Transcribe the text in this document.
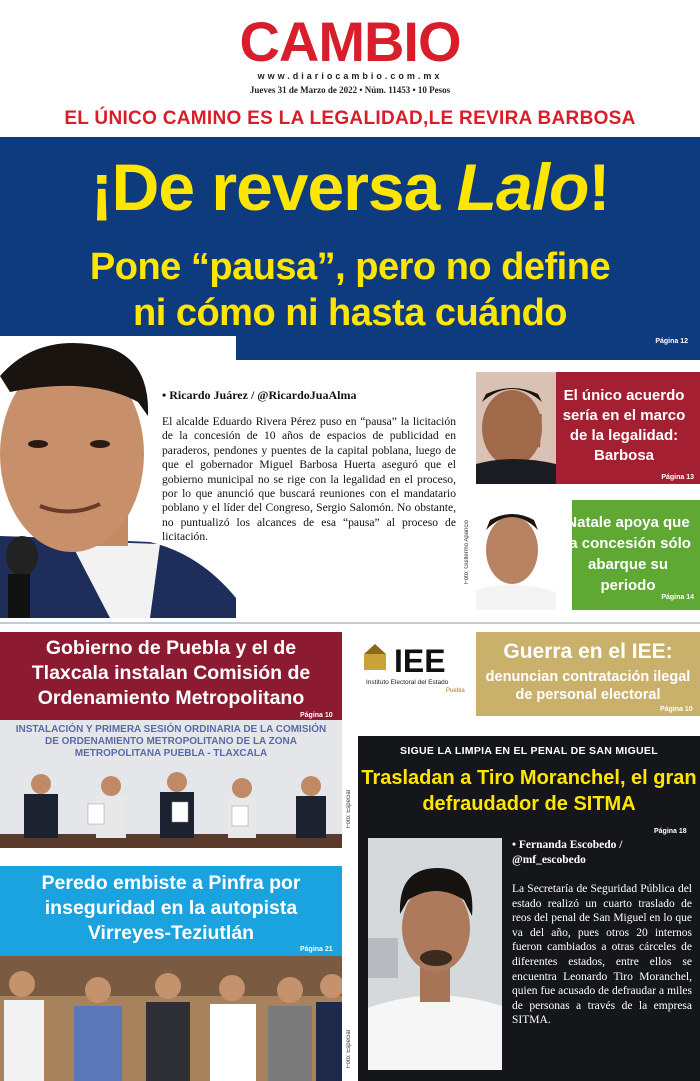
CAMBIO
www.diariocambio.com.mx
Jueves 31 de Marzo de 2022 • Núm. 11453 • 10 Pesos
EL ÚNICO CAMINO ES LA LEGALIDAD,LE REVIRA BARBOSA
¡De reversa Lalo!
Pone “pausa”, pero no define
ni cómo ni hasta cuándo
Página 12
• Ricardo Juárez / @RicardoJuaAlma
El alcalde Eduardo Rivera Pérez puso en “pausa” la licitación de la concesión de 10 años de espacios de publicidad en paraderos, pendones y puentes de la capital poblana, luego de que el gobernador Miguel Barbosa Huerta aseguró que el gobierno municipal no se rige con la legalidad en el proceso, por lo que anunció que buscará reuniones con el mandatario poblano y el líder del Congreso, Sergio Salomón. No obstante, no puntualizó los alcances de esa “pausa” al proceso de licitación.
El único acuerdo sería en el marco de la legalidad: Barbosa
Página 13
Natale apoya que la concesión sólo abarque su periodo
Página 14
Foto: Guillermo Aparicio
Gobierno de Puebla y el de Tlaxcala instalan Comisión de Ordenamiento Metropolitano
Página 10
INSTALACIÓN Y PRIMERA SESIÓN ORDINARIA DE LA COMISIÓN DE ORDENAMIENTO METROPOLITANO DE LA ZONA METROPOLITANA PUEBLA - TLAXCALA
Foto: Especial
IEE
Instituto Electoral del Estado
Puebla
Guerra en el IEE:
denuncian contratación ilegal de personal electoral
Página 10
SIGUE LA LIMPIA EN EL PENAL DE SAN MIGUEL
Trasladan a Tiro Moranchel, el gran defraudador de SITMA
Página 18
• Fernanda Escobedo / @mf_escobedo
La Secretaría de Seguridad Pública del estado realizó un cuarto traslado de reos del penal de San Miguel en lo que va del año, pues otros 20 internos fueron cambiados a otras cárceles de diferentes estados, entre ellos se encuentra Leonardo Tiro Moranchel, quien fue acusado de defraudar a miles de personas a través de la empresa SITMA.
Peredo embiste a Pinfra por inseguridad en la autopista Virreyes-Teziutlán
Página 21
Foto: Especial
